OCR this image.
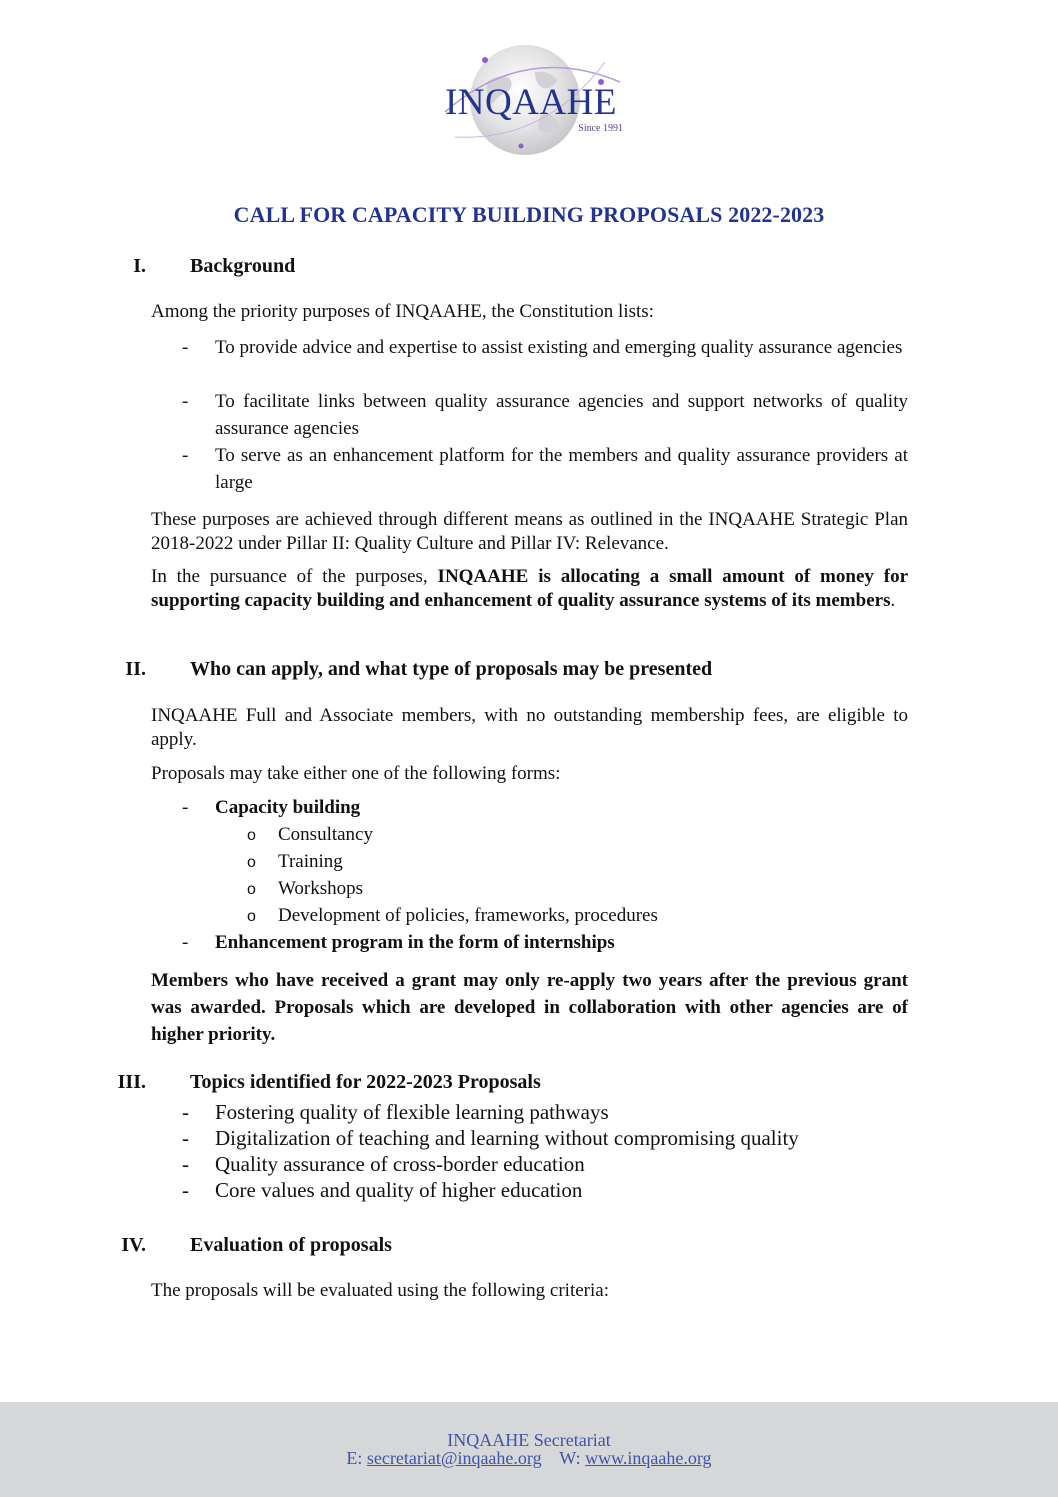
INQAAHE
Since 1991
CALL FOR CAPACITY BUILDING PROPOSALS 2022-2023
I. Background
Among the priority purposes of INQAAHE, the Constitution lists:
- To provide advice and expertise to assist existing and emerging quality assurance agencies
- To facilitate links between quality assurance agencies and support networks of quality assurance agencies
- To serve as an enhancement platform for the members and quality assurance providers at large
These purposes are achieved through different means as outlined in the INQAAHE Strategic Plan 2018-2022 under Pillar II: Quality Culture and Pillar IV: Relevance.
In the pursuance of the purposes, INQAAHE is allocating a small amount of money for supporting capacity building and enhancement of quality assurance systems of its members.
II. Who can apply, and what type of proposals may be presented
INQAAHE Full and Associate members, with no outstanding membership fees, are eligible to apply.
Proposals may take either one of the following forms:
- Capacity building
o Consultancy
o Training
o Workshops
o Development of policies, frameworks, procedures
- Enhancement program in the form of internships
Members who have received a grant may only re-apply two years after the previous grant was awarded. Proposals which are developed in collaboration with other agencies are of higher priority.
III. Topics identified for 2022-2023 Proposals
- Fostering quality of flexible learning pathways
- Digitalization of teaching and learning without compromising quality
- Quality assurance of cross-border education
- Core values and quality of higher education
IV. Evaluation of proposals
The proposals will be evaluated using the following criteria:
INQAAHE Secretariat
E: secretariat@inqaahe.org W: www.inqaahe.org
